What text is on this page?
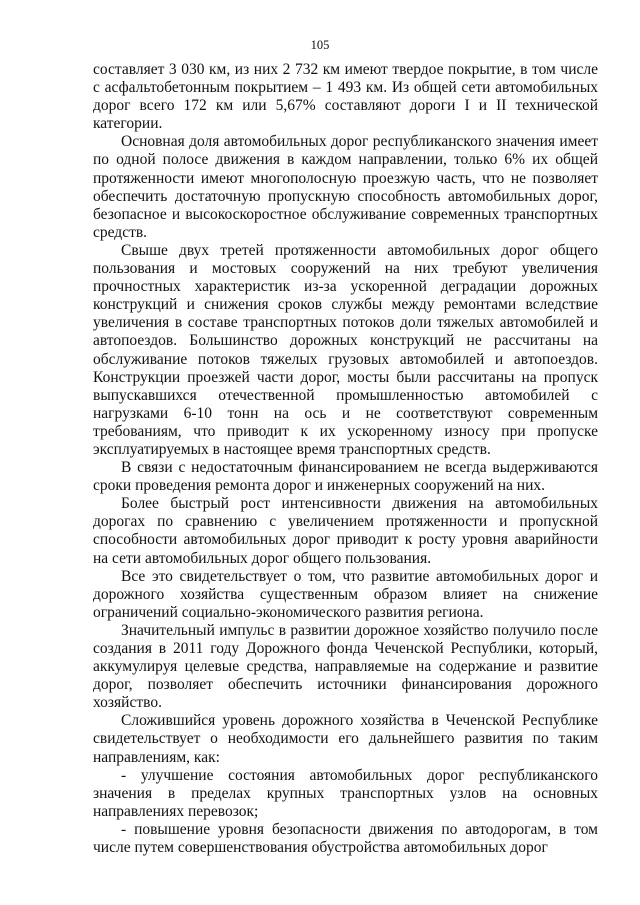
105

составляет 3 030 км, из них 2 732 км имеют твердое покрытие, в том числе с асфальтобетонным покрытием – 1 493 км. Из общей сети автомобильных дорог всего 172 км или 5,67% составляют дороги I и II технической категории.

Основная доля автомобильных дорог республиканского значения имеет по одной полосе движения в каждом направлении, только 6% их общей протяженности имеют многополосную проезжую часть, что не позволяет обеспечить достаточную пропускную способность автомобильных дорог, безопасное и высокоскоростное обслуживание современных транспортных средств.

Свыше двух третей протяженности автомобильных дорог общего пользования и мостовых сооружений на них требуют увеличения прочностных характеристик из-за ускоренной деградации дорожных конструкций и снижения сроков службы между ремонтами вследствие увеличения в составе транспортных потоков доли тяжелых автомобилей и автопоездов. Большинство дорожных конструкций не рассчитаны на обслуживание потоков тяжелых грузовых автомобилей и автопоездов. Конструкции проезжей части дорог, мосты были рассчитаны на пропуск выпускавшихся отечественной промышленностью автомобилей с нагрузками 6-10 тонн на ось и не соответствуют современным требованиям, что приводит к их ускоренному износу при пропуске эксплуатируемых в настоящее время транспортных средств.

В связи с недостаточным финансированием не всегда выдерживаются сроки проведения ремонта дорог и инженерных сооружений на них.

Более быстрый рост интенсивности движения на автомобильных дорогах по сравнению с увеличением протяженности и пропускной способности автомобильных дорог приводит к росту уровня аварийности на сети автомобильных дорог общего пользования.

Все это свидетельствует о том, что развитие автомобильных дорог и дорожного хозяйства существенным образом влияет на снижение ограничений социально-экономического развития региона.

Значительный импульс в развитии дорожное хозяйство получило после создания в 2011 году Дорожного фонда Чеченской Республики, который, аккумулируя целевые средства, направляемые на содержание и развитие дорог, позволяет обеспечить источники финансирования дорожного хозяйство.

Сложившийся уровень дорожного хозяйства в Чеченской Республике свидетельствует о необходимости его дальнейшего развития по таким направлениям, как:

- улучшение состояния автомобильных дорог республиканского значения в пределах крупных транспортных узлов на основных направлениях перевозок;

- повышение уровня безопасности движения по автодорогам, в том числе путем совершенствования обустройства автомобильных дорог
